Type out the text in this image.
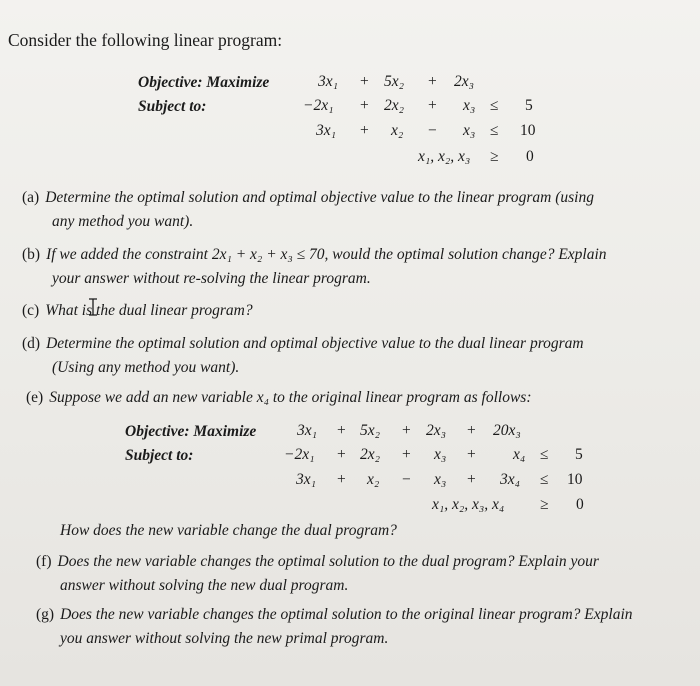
Consider the following linear program:
Objective: Maximize
Subject to:
3x₁ + 5x₂ + 2x₃
−2x₁ + 2x₂ + x₃ ≤ 5
3x₁ + x₂ − x₃ ≤ 10
x₁, x₂, x₃ ≥ 0
(a) Determine the optimal solution and optimal objective value to the linear program (using
any method you want).
(b) If we added the constraint 2x₁ + x₂ + x₃ ≤ 70, would the optimal solution change? Explain
your answer without re-solving the linear program.
(c) What is the dual linear program?
(d) Determine the optimal solution and optimal objective value to the dual linear program
(Using any method you want).
(e) Suppose we add an new variable x₄ to the original linear program as follows:
Objective: Maximize
Subject to:
3x₁ + 5x₂ + 2x₃ + 20x₃
−2x₁ + 2x₂ + x₃ + x₄ ≤ 5
3x₁ + x₂ − x₃ + 3x₄ ≤ 10
x₁, x₂, x₃, x₄ ≥ 0
How does the new variable change the dual program?
(f) Does the new variable changes the optimal solution to the dual program? Explain your
answer without solving the new dual program.
(g) Does the new variable changes the optimal solution to the original linear program? Explain
you answer without solving the new primal program.
